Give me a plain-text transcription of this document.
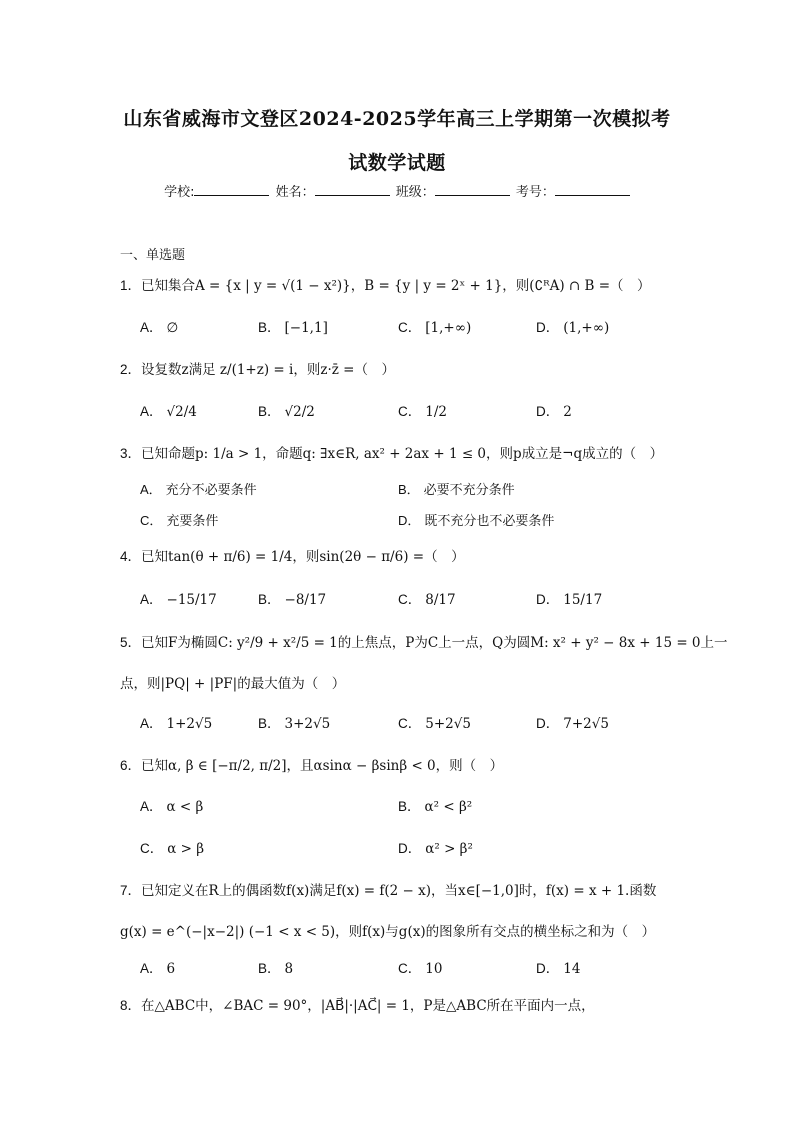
山东省威海市文登区2024-2025学年高三上学期第一次模拟考
试数学试题
学校:	姓名：	班级：	考号：
一、单选题
1．已知集合A = {x | y = √(1 − x²)}，B = {y | y = 2ˣ + 1}，则(∁ᴿA) ∩ B =（　）
A． ∅	B． [−1,1]	C． [1,+∞)	D． (1,+∞)
2．设复数z满足 z/(1+z) = i，则z·z̄ =（　）
A． √2/4	B． √2/2	C． 1/2	D． 2
3．已知命题p: 1/a > 1，命题q: ∃x∈R, ax² + 2ax + 1 ≤ 0，则p成立是¬q成立的（　）
A． 充分不必要条件	B． 必要不充分条件
C． 充要条件	D． 既不充分也不必要条件
4．已知tan(θ + π/6) = 1/4，则sin(2θ − π/6) =（　）
A． −15/17	B． −8/17	C． 8/17	D． 15/17
5．已知F为椭圆C: y²/9 + x²/5 = 1的上焦点，P为C上一点，Q为圆M: x² + y² − 8x + 15 = 0上一
点，则|PQ| + |PF|的最大值为（　）
A． 1+2√5	B． 3+2√5	C． 5+2√5	D． 7+2√5
6．已知α, β ∈ [−π/2, π/2]，且αsinα − βsinβ < 0，则（　）
A． α < β	B． α² < β²
C． α > β	D． α² > β²
7．已知定义在R上的偶函数f(x)满足f(x) = f(2 − x)，当x∈[−1,0]时，f(x) = x + 1.函数
g(x) = e^(−|x−2|) (−1 < x < 5)，则f(x)与g(x)的图象所有交点的横坐标之和为（　）
A． 6	B． 8	C． 10	D． 14
8．在△ABC中，∠BAC = 90°，|AB⃗|·|AC⃗| = 1，P是△ABC所在平面内一点，
